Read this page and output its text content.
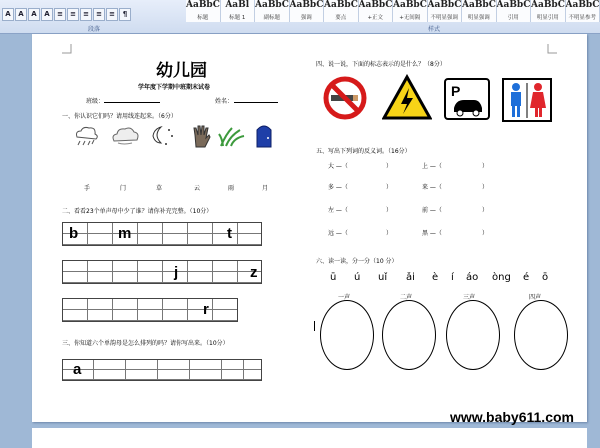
A	A	A	A	≡	≡	≡	≡	≡	¶
段落
AaBbC
标题
AaBl
标题 1
AaBbC
副标题
AaBbC
强调
AaBbC
要点
AaBbC
+正文
AaBbC
+无间隔
AaBbC
不明显强调
AaBbC
明显强调
AaBbC
引用
AaBbC
明显引用
AaBbC
不明显参考
样式
幼儿园
学年度下学期中班期末试卷
班级：	姓名：
一、你认识它们吗？请用线连起来。（6分）
手	门	草	云	雨	月
二、看看23个单声母中少了谁？请你补充完整。（10分）
b	m	t
j	z
r
三、你知道六个单韵母是怎么排列的吗？请你写出来。（10分）
a
四、说一说，下面的标志表示的是什么？（8分）
P
五、写出下列词的反义词。（16分）
大 —（	）	上 —（	）
多 —（	）	来 —（	）
左 —（	）	前 —（	）
远 —（	）	黑 —（	）
六、读一读，分一分（10 分）
ū ú uǐ ǎi è í áo òng é ō
一声	二声	三声	四声
www.baby611.com
